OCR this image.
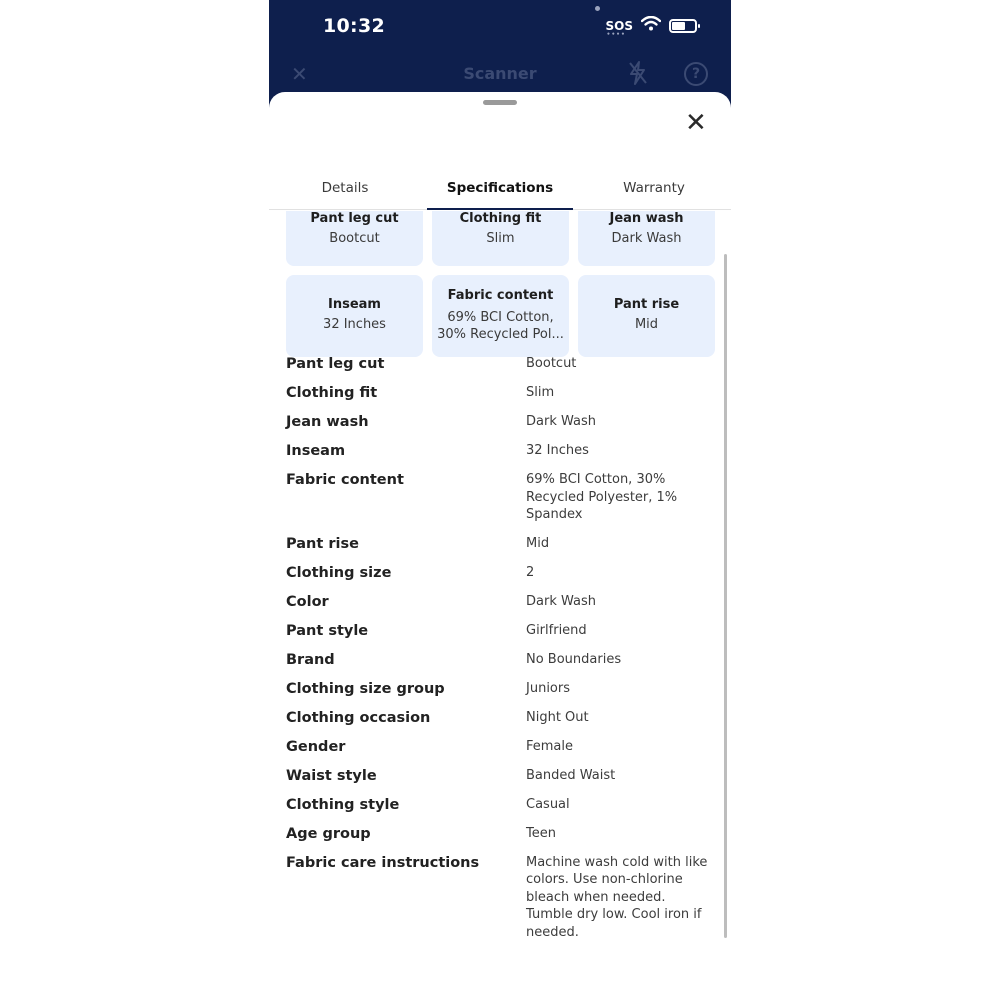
10:32	SOS ••••
✕	Scanner	?
✕
Details	Specifications	Warranty
Pant leg cut
Bootcut
Clothing fit
Slim
Jean wash
Dark Wash
Inseam
32 Inches
Fabric content
69% BCI Cotton,
30% Recycled Pol...
Pant rise
Mid
Pant leg cut	Bootcut
Clothing fit	Slim
Jean wash	Dark Wash
Inseam	32 Inches
Fabric content	69% BCI Cotton, 30% Recycled Polyester, 1% Spandex
Pant rise	Mid
Clothing size	2
Color	Dark Wash
Pant style	Girlfriend
Brand	No Boundaries
Clothing size group	Juniors
Clothing occasion	Night Out
Gender	Female
Waist style	Banded Waist
Clothing style	Casual
Age group	Teen
Fabric care instructions	Machine wash cold with like colors. Use non-chlorine bleach when needed. Tumble dry low. Cool iron if needed.
